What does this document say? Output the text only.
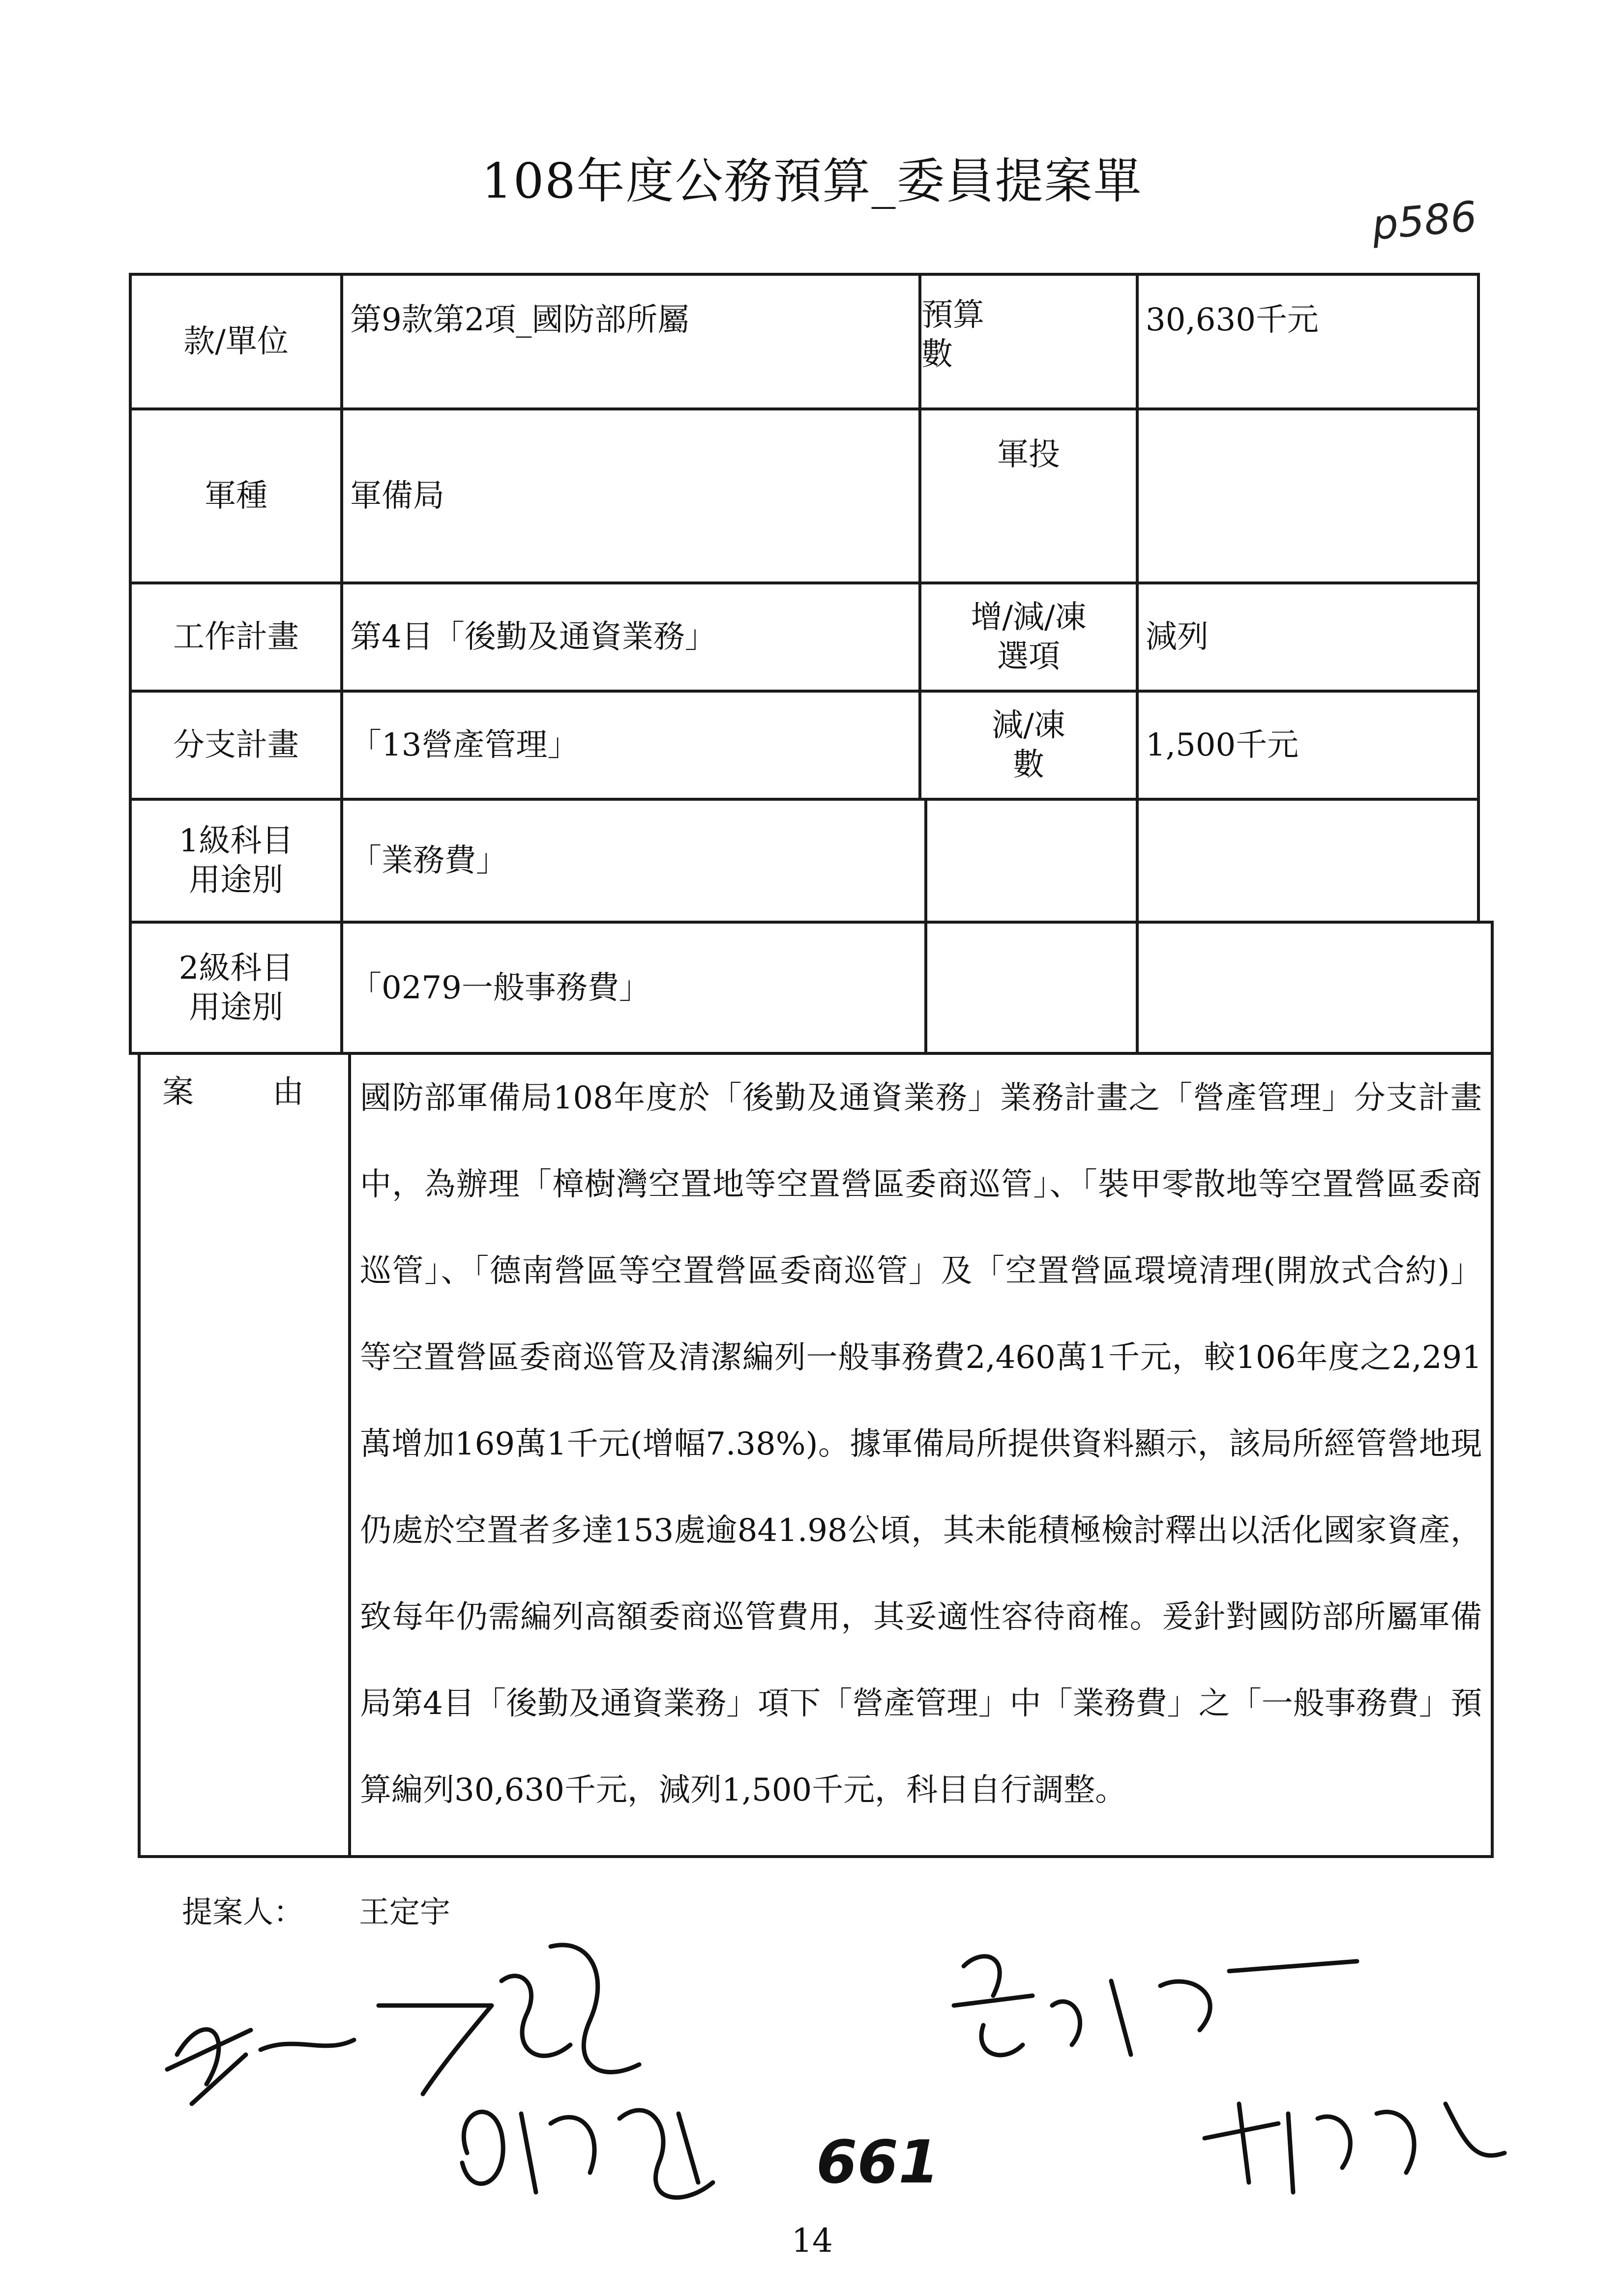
108年度公務預算_委員提案單
p586
款/單位
第9款第2項_國防部所屬	預算
數
30,630千元
軍種	軍備局
軍投
工作計畫 第4目「後勤及通資業務」
增/減/凍
選項
減列
分支計畫 「13營產管理」
減/凍
數
1,500千元
1級科目
用途別
「業務費」
2級科目
用途別
「0279一般事務費」
案由
國防部軍備局108年度於「後勤及通資業務」業務計畫之「營產管理」分支計畫中，為辦理「樟樹灣空置地等空置營區委商巡管」、「裝甲零散地等空置營區委商巡管」、「德南營區等空置營區委商巡管」及「空置營區環境清理(開放式合約)」等空置營區委商巡管及清潔編列一般事務費2,460萬1千元，較106年度之2,291萬增加169萬1千元(增幅7.38%)。據軍備局所提供資料顯示，該局所經管營地現仍處於空置者多達153處逾841.98公頃，其未能積極檢討釋出以活化國家資產，致每年仍需編列高額委商巡管費用，其妥適性容待商榷。爰針對國防部所屬軍備局第4目「後勤及通資業務」項下「營產管理」中「業務費」之「一般事務費」預算編列30,630千元，減列1,500千元，科目自行調整。
提案人： 王定宇
661
14
